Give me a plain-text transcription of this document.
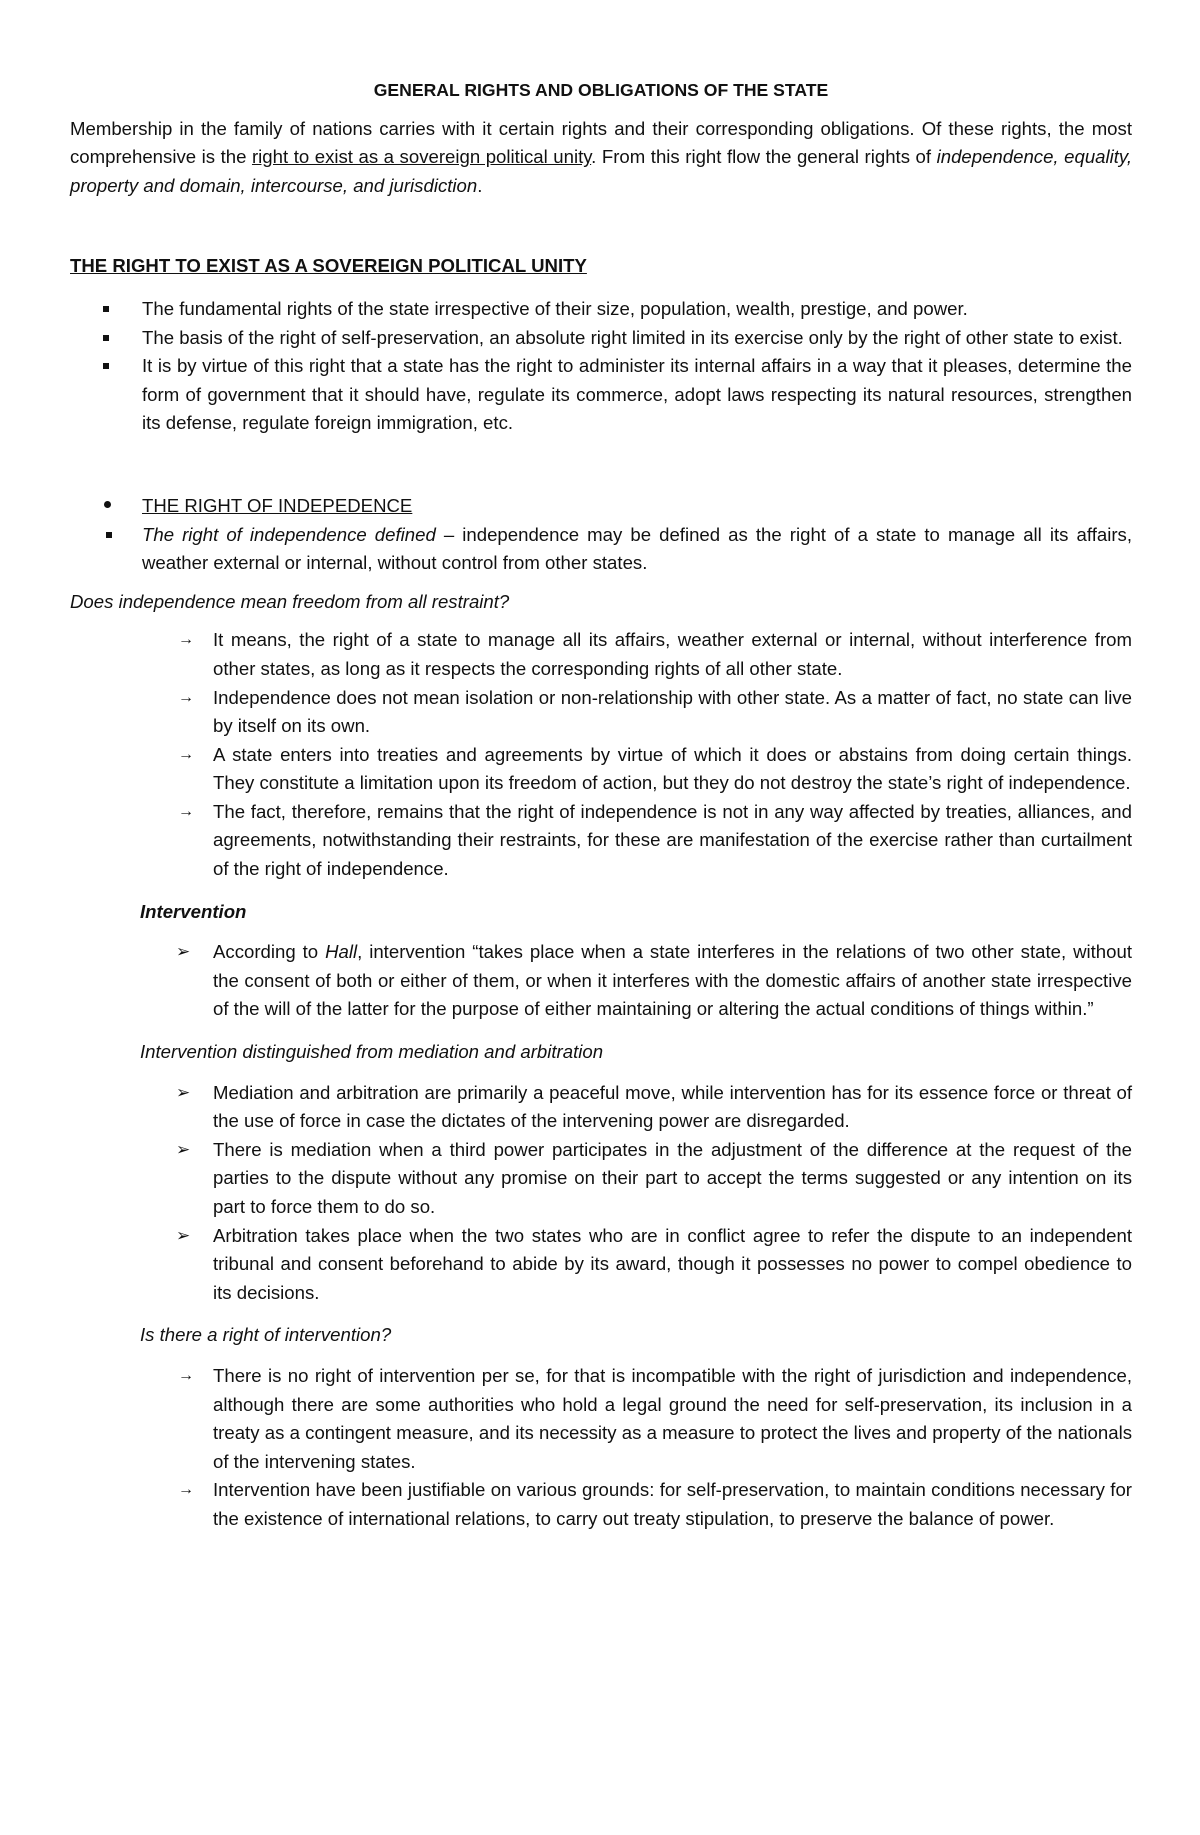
GENERAL RIGHTS AND OBLIGATIONS OF THE STATE

Membership in the family of nations carries with it certain rights and their corresponding obligations. Of these rights, the most comprehensive is the right to exist as a sovereign political unity. From this right flow the general rights of independence, equality, property and domain, intercourse, and jurisdiction.

THE RIGHT TO EXIST AS A SOVEREIGN POLITICAL UNITY

The fundamental rights of the state irrespective of their size, population, wealth, prestige, and power.
The basis of the right of self-preservation, an absolute right limited in its exercise only by the right of other state to exist.
It is by virtue of this right that a state has the right to administer its internal affairs in a way that it pleases, determine the form of government that it should have, regulate its commerce, adopt laws respecting its natural resources, strengthen its defense, regulate foreign immigration, etc.
THE RIGHT OF INDEPEDENCE
The right of independence defined – independence may be defined as the right of a state to manage all its affairs, weather external or internal, without control from other states.

Does independence mean freedom from all restraint?

→ It means, the right of a state to manage all its affairs, weather external or internal, without interference from other states, as long as it respects the corresponding rights of all other state.
→ Independence does not mean isolation or non-relationship with other state. As a matter of fact, no state can live by itself on its own.
→ A state enters into treaties and agreements by virtue of which it does or abstains from doing certain things. They constitute a limitation upon its freedom of action, but they do not destroy the state’s right of independence.
→ The fact, therefore, remains that the right of independence is not in any way affected by treaties, alliances, and agreements, notwithstanding their restraints, for these are manifestation of the exercise rather than curtailment of the right of independence.

Intervention

➢ According to Hall, intervention “takes place when a state interferes in the relations of two other state, without the consent of both or either of them, or when it interferes with the domestic affairs of another state irrespective of the will of the latter for the purpose of either maintaining or altering the actual conditions of things within.”

Intervention distinguished from mediation and arbitration

➢ Mediation and arbitration are primarily a peaceful move, while intervention has for its essence force or threat of the use of force in case the dictates of the intervening power are disregarded.
➢ There is mediation when a third power participates in the adjustment of the difference at the request of the parties to the dispute without any promise on their part to accept the terms suggested or any intention on its part to force them to do so.
➢ Arbitration takes place when the two states who are in conflict agree to refer the dispute to an independent tribunal and consent beforehand to abide by its award, though it possesses no power to compel obedience to its decisions.

Is there a right of intervention?

→ There is no right of intervention per se, for that is incompatible with the right of jurisdiction and independence, although there are some authorities who hold a legal ground the need for self-preservation, its inclusion in a treaty as a contingent measure, and its necessity as a measure to protect the lives and property of the nationals of the intervening states.
→ Intervention have been justifiable on various grounds: for self-preservation, to maintain conditions necessary for the existence of international relations, to carry out treaty stipulation, to preserve the balance of power.
